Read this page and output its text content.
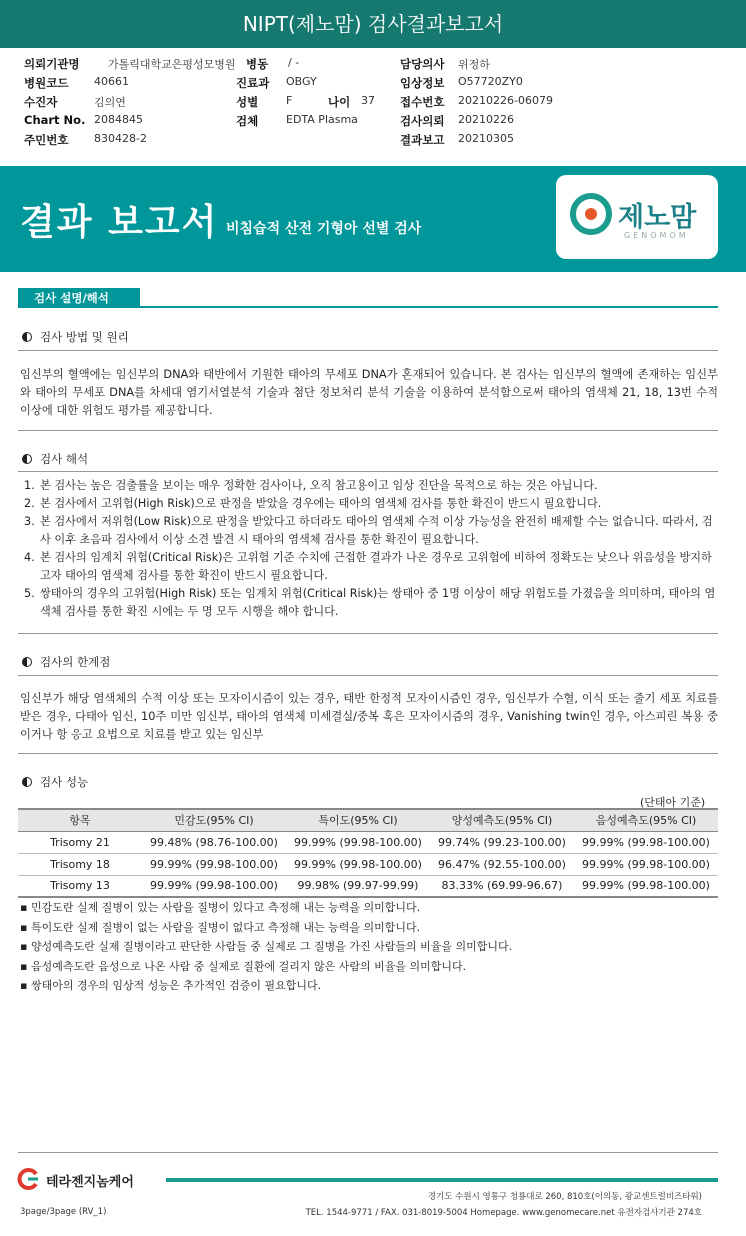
NIPT(제노맘) 검사결과보고서
의뢰기관명	가톨릭대학교은평성모병원 병동 / -	담당의사 위정하
병원코드 40661	진료과 OBGY	임상정보 O57720ZY0
수진자	김의연	성별	F	나이 37 접수번호 20210226-06079
Chart No. 2084845	검체	EDTA Plasma	검사의뢰 20210226
주민번호 830428-2	결과보고 20210305
결과 보고서 비침습적 산전 기형아 선별 검사	제노맘
GENOMOM
검사 설명/해석
검사 방법 및 원리
임신부의 혈액에는 임신부의 DNA와 태반에서 기원한 태아의 무세포 DNA가 혼재되어 있습니다. 본 검사는 임신부의 혈액에 존재하는 임신부와 태아의 무세포 DNA를 차세대 염기서열분석 기술과 첨단 정보처리 분석 기술을 이용하여 분석함으로써 태아의 염색체 21, 18, 13번 수적 이상에 대한 위험도 평가를 제공합니다.
검사 해석
1. 본 검사는 높은 검출률을 보이는 매우 정확한 검사이나, 오직 참고용이고 임상 진단을 목적으로 하는 것은 아닙니다.
2. 본 검사에서 고위험(High Risk)으로 판정을 받았을 경우에는 태아의 염색체 검사를 통한 확진이 반드시 필요합니다.
3. 본 검사에서 저위험(Low Risk)으로 판정을 받았다고 하더라도 태아의 염색체 수적 이상 가능성을 완전히 배제할 수는 없습니다. 따라서, 검사 이후 초음파 검사에서 이상 소견 발견 시 태아의 염색체 검사를 통한 확진이 필요합니다.
4. 본 검사의 임계치 위험(Critical Risk)은 고위험 기준 수치에 근접한 결과가 나온 경우로 고위험에 비하여 정확도는 낮으나 위음성을 방지하고자 태아의 염색체 검사를 통한 확진이 반드시 필요합니다.
5. 쌍태아의 경우의 고위험(High Risk) 또는 임계치 위험(Critical Risk)는 쌍태아 중 1명 이상이 해당 위험도를 가졌음을 의미하며, 태아의 염색체 검사를 통한 확진 시에는 두 명 모두 시행을 해야 합니다.
검사의 한계점
임신부가 해당 염색체의 수적 이상 또는 모자이시즘이 있는 경우, 태반 한정적 모자이시즘인 경우, 임신부가 수혈, 이식 또는 줄기 세포 치료를 받은 경우, 다태아 임신, 10주 미만 임신부, 태아의 염색체 미세결실/중복 혹은 모자이시즘의 경우, Vanishing twin인 경우, 아스피린 복용 중이거나 항 응고 요법으로 치료를 받고 있는 임신부
검사 성능
(단태아 기준)
항목	민감도(95% CI)	특이도(95% CI)	양성예측도(95% CI)	음성예측도(95% CI)
Trisomy 21	99.48% (98.76-100.00)	99.99% (99.98-100.00)	99.74% (99.23-100.00)	99.99% (99.98-100.00)
Trisomy 18	99.99% (99.98-100.00)	99.99% (99.98-100.00)	96.47% (92.55-100.00)	99.99% (99.98-100.00)
Trisomy 13	99.99% (99.98-100.00)	99.98% (99.97-99.99)	83.33% (69.99-96.67)	99.99% (99.98-100.00)
▪ 민감도란 실제 질병이 있는 사람을 질병이 있다고 측정해 내는 능력을 의미합니다.
▪ 특이도란 실제 질병이 없는 사람을 질병이 없다고 측정해 내는 능력을 의미합니다.
▪ 양성예측도란 실제 질병이라고 판단한 사람들 중 실제로 그 질병을 가진 사람들의 비율을 의미합니다.
▪ 음성예측도란 음성으로 나온 사람 중 실제로 질환에 걸리지 않은 사람의 비율을 의미합니다.
▪ 쌍태아의 경우의 임상적 성능은 추가적인 검증이 필요합니다.
테라젠지놈케어
경기도 수원시 영통구 청룡대로 260, 810호(이의동, 광교센트럴비즈타워)
TEL. 1544-9771 / FAX. 031-8019-5004 Homepage. www.genomecare.net 유전자검사기관 274호
3page/3page (RV_1)
